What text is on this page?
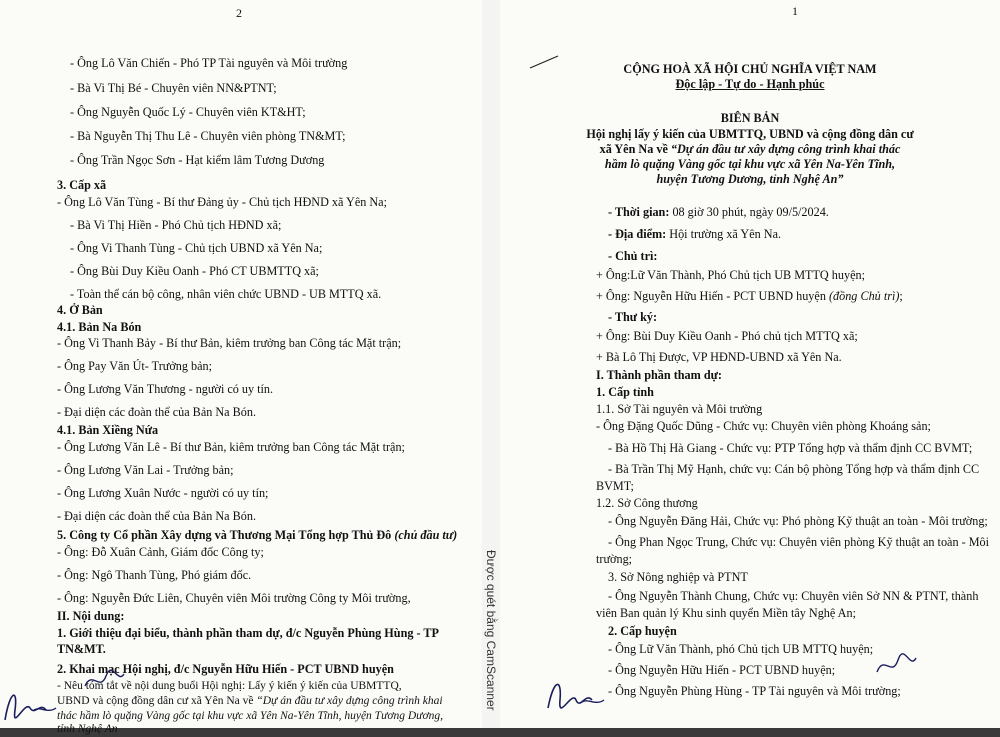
2
- Ông Lô Văn Chiến - Phó TP Tài nguyên và Môi trường
- Bà Vi Thị Bé - Chuyên viên NN&PTNT;
- Ông Nguyễn Quốc Lý - Chuyên viên KT&HT;
- Bà Nguyễn Thị Thu Lê - Chuyên viên phòng TN&MT;
- Ông Trần Ngọc Sơn - Hạt kiểm lâm Tương Dương
3. Cấp xã
- Ông Lô Văn Tùng - Bí thư Đảng ủy - Chủ tịch HĐND xã Yên Na;
- Bà Vi Thị Hiền - Phó Chủ tịch HĐND xã;
- Ông Vi Thanh Tùng - Chủ tịch UBND xã Yên Na;
- Ông Bùi Duy Kiều Oanh - Phó CT UBMTTQ xã;
- Toàn thể cán bộ công, nhân viên chức UBND - UB MTTQ xã.
4. Ở Bản
4.1. Bản Na Bón
- Ông Vi Thanh Bảy - Bí thư Bản, kiêm trưởng ban Công tác Mặt trận;
- Ông Pay Văn Út- Trưởng bản;
- Ông Lương Văn Thương - người có uy tín.
- Đại diện các đoàn thể của Bản Na Bón.
4.1. Bản Xiềng Nứa
- Ông Lương Văn Lê - Bí thư Bản, kiêm trưởng ban Công tác Mặt trận;
- Ông Lương Văn Lai - Trưởng bản;
- Ông Lương Xuân Nước - người có uy tín;
- Đại diện các đoàn thể của Bản Na Bón.
5. Công ty Cổ phần Xây dựng và Thương Mại Tổng hợp Thủ Đô (chủ đầu tư)
- Ông: Đỗ Xuân Cảnh, Giám đốc Công ty;
- Ông: Ngô Thanh Tùng, Phó giám đốc.
- Ông: Nguyễn Đức Liên, Chuyên viên Môi trường Công ty Môi trường,
II. Nội dung:
1. Giới thiệu đại biểu, thành phần tham dự, đ/c Nguyễn Phùng Hùng - TP
TN&MT.
2. Khai mạc Hội nghị, đ/c Nguyễn Hữu Hiến - PCT UBND huyện
- Nêu tóm tắt về nội dung buổi Hội nghị: Lấy ý kiến ý kiến của UBMTTQ,
UBND và cộng đồng dân cư xã Yên Na về “Dự án đầu tư xây dựng công trình khai
thác hầm lò quặng Vàng gốc tại khu vực xã Yên Na-Yên Tĩnh, huyện Tương Dương,
tỉnh Nghệ An
Được quét bằng CamScanner
1
CỘNG HOÀ XÃ HỘI CHỦ NGHĨA VIỆT NAM
Độc lập - Tự do - Hạnh phúc
BIÊN BẢN
Hội nghị lấy ý kiến của UBMTTQ, UBND và cộng đồng dân cư
xã Yên Na về “Dự án đầu tư xây dựng công trình khai thác
hầm lò quặng Vàng gốc tại khu vực xã Yên Na-Yên Tĩnh,
huyện Tương Dương, tỉnh Nghệ An”
- Thời gian: 08 giờ 30 phút, ngày 09/5/2024.
- Địa điểm: Hội trường xã Yên Na.
- Chủ trì:
+ Ông:Lữ Văn Thành, Phó Chủ tịch UB MTTQ huyện;
+ Ông: Nguyễn Hữu Hiến - PCT UBND huyện (đồng Chủ trì);
- Thư ký:
+ Ông: Bùi Duy Kiều Oanh - Phó chủ tịch MTTQ xã;
+ Bà Lô Thị Được, VP HĐND-UBND xã Yên Na.
I. Thành phần tham dự:
1. Cấp tỉnh
1.1. Sở Tài nguyên và Môi trường
- Ông Đặng Quốc Dũng - Chức vụ: Chuyên viên phòng Khoáng sản;
- Bà Hồ Thị Hà Giang - Chức vụ: PTP Tổng hợp và thẩm định CC BVMT;
- Bà Trần Thị Mỹ Hạnh, chức vụ: Cán bộ phòng Tổng hợp và thẩm định CC
BVMT;
1.2. Sở Công thương
- Ông Nguyễn Đăng Hải, Chức vụ: Phó phòng Kỹ thuật an toàn - Môi trường;
- Ông Phan Ngọc Trung, Chức vụ: Chuyên viên phòng Kỹ thuật an toàn - Môi
trường;
3. Sở Nông nghiệp và PTNT
- Ông Nguyễn Thành Chung, Chức vụ: Chuyên viên Sở NN & PTNT, thành
viên Ban quản lý Khu sinh quyển Miền tây Nghệ An;
2. Cấp huyện
- Ông Lữ Văn Thành, phó Chủ tịch UB MTTQ huyện;
- Ông Nguyễn Hữu Hiến - PCT UBND huyện;
- Ông Nguyễn Phùng Hùng - TP Tài nguyên và Môi trường;
